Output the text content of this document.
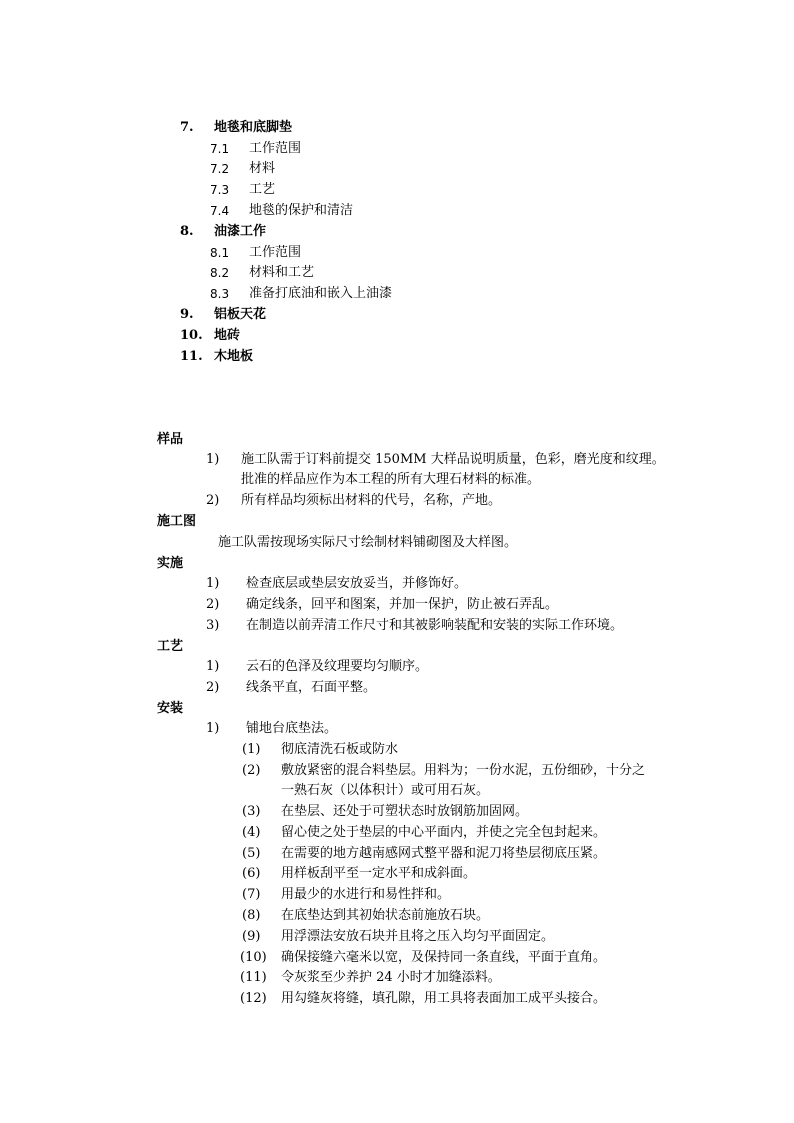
7. 地毯和底脚垫
7.1 工作范围
7.2 材料
7.3 工艺
7.4 地毯的保护和清洁
8. 油漆工作
8.1 工作范围
8.2 材料和工艺
8.3 准备打底油和嵌入上油漆
9. 铝板天花
10. 地砖
11. 木地板
样品
1) 施工队需于订料前提交 150MM 大样品说明质量，色彩，磨光度和纹理。
批准的样品应作为本工程的所有大理石材料的标准。
2) 所有样品均须标出材料的代号，名称，产地。
施工图
施工队需按现场实际尺寸绘制材料铺砌图及大样图。
实施
1) 检查底层或垫层安放妥当，并修饰好。
2) 确定线条，回平和图案，并加一保护，防止被石弄乱。
3) 在制造以前弄清工作尺寸和其被影响装配和安装的实际工作环境。
工艺
1) 云石的色泽及纹理要均匀顺序。
2) 线条平直，石面平整。
安装
1) 铺地台底垫法。
(1) 彻底清洗石板或防水
(2) 敷放紧密的混合料垫层。用料为；一份水泥，五份细砂，十分之
一熟石灰（以体积计）或可用石灰。
(3) 在垫层、还处于可塑状态时放钢筋加固网。
(4) 留心使之处于垫层的中心平面内，并使之完全包封起来。
(5) 在需要的地方越南感网式整平器和泥刀将垫层彻底压紧。
(6) 用样板刮平至一定水平和成斜面。
(7) 用最少的水进行和易性拌和。
(8) 在底垫达到其初始状态前施放石块。
(9) 用浮漂法安放石块并且将之压入均匀平面固定。
(10) 确保接缝六毫米以宽，及保持同一条直线，平面于直角。
(11) 令灰浆至少养护 24 小时才加缝添料。
(12) 用勾缝灰将缝，填孔隙，用工具将表面加工成平头接合。
